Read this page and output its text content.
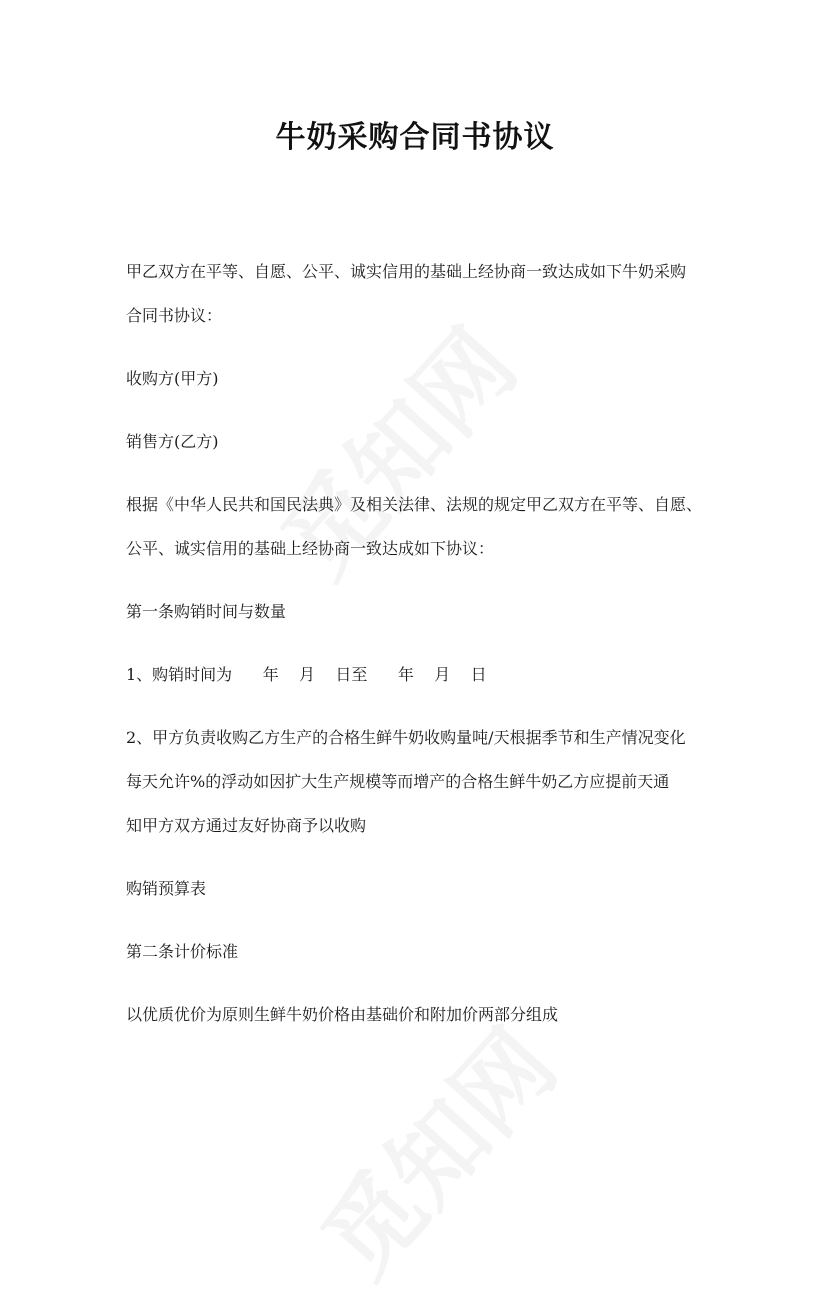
牛奶采购合同书协议
甲乙双方在平等、自愿、公平、诚实信用的基础上经协商一致达成如下牛奶采购
合同书协议：
收购方(甲方)
销售方(乙方)
根据《中华人民共和国民法典》及相关法律、法规的规定甲乙双方在平等、自愿、
公平、诚实信用的基础上经协商一致达成如下协议：
第一条购销时间与数量
1、购销时间为      年    月    日至      年    月    日
2、甲方负责收购乙方生产的合格生鲜牛奶收购量吨/天根据季节和生产情况变化
每天允许%的浮动如因扩大生产规模等而增产的合格生鲜牛奶乙方应提前天通
知甲方双方通过友好协商予以收购
购销预算表
第二条计价标准
以优质优价为原则生鲜牛奶价格由基础价和附加价两部分组成
